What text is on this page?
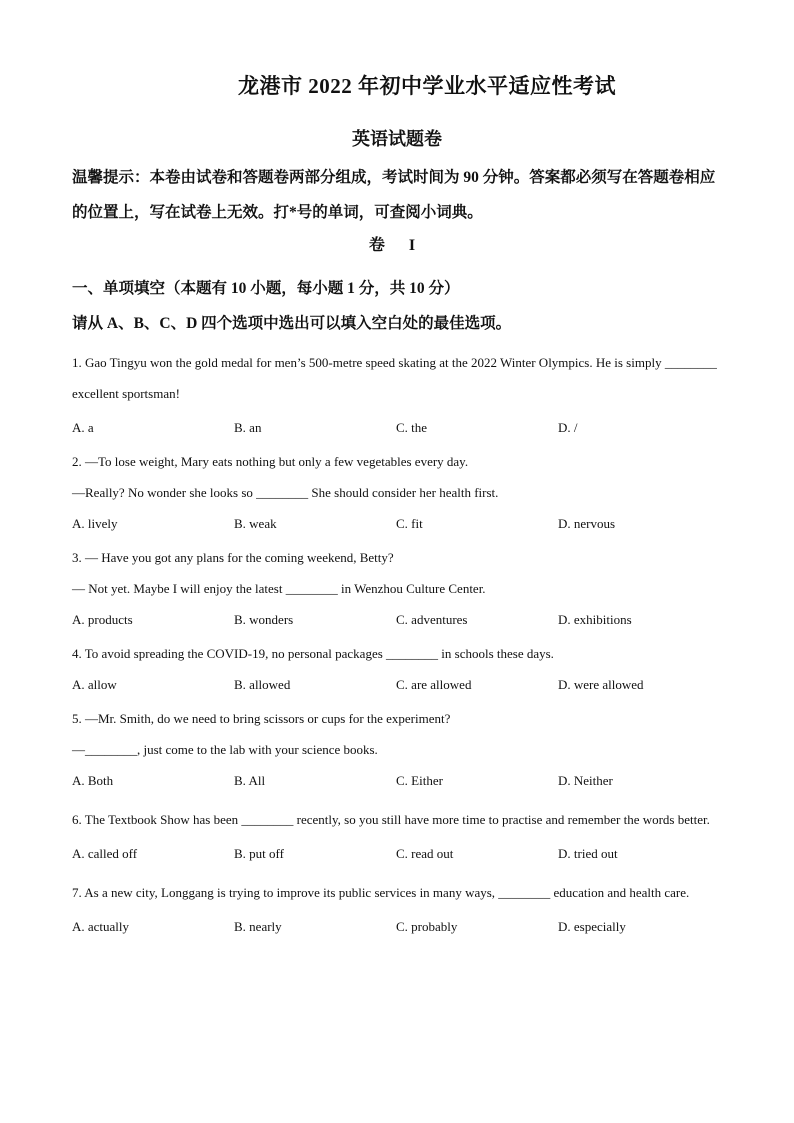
龙港市 2022 年初中学业水平适应性考试
英语试题卷
温馨提示：本卷由试卷和答题卷两部分组成，考试时间为 90 分钟。答案都必须写在答题卷相应的位置上，写在试卷上无效。打*号的单词，可查阅小词典。
卷 I
一、单项填空（本题有 10 小题，每小题 1 分，共 10 分）
请从 A、B、C、D 四个选项中选出可以填入空白处的最佳选项。
1. Gao Tingyu won the gold medal for men’s 500-metre speed skating at the 2022 Winter Olympics. He is simply ________ excellent sportsman!
A. a	B. an	C. the	D. /
2. —To lose weight, Mary eats nothing but only a few vegetables every day.
—Really? No wonder she looks so ________ She should consider her health first.
A. lively	B. weak	C. fit	D. nervous
3. — Have you got any plans for the coming weekend, Betty?
— Not yet. Maybe I will enjoy the latest ________ in Wenzhou Culture Center.
A. products	B. wonders	C. adventures	D. exhibitions
4. To avoid spreading the COVID-19, no personal packages ________ in schools these days.
A. allow	B. allowed	C. are allowed	D. were allowed
5. —Mr. Smith, do we need to bring scissors or cups for the experiment?
—________, just come to the lab with your science books.
A. Both	B. All	C. Either	D. Neither
6. The Textbook Show has been ________ recently, so you still have more time to practise and remember the words better.
A. called off	B. put off	C. read out	D. tried out
7. As a new city, Longgang is trying to improve its public services in many ways, ________ education and health care.
A. actually	B. nearly	C. probably	D. especially
